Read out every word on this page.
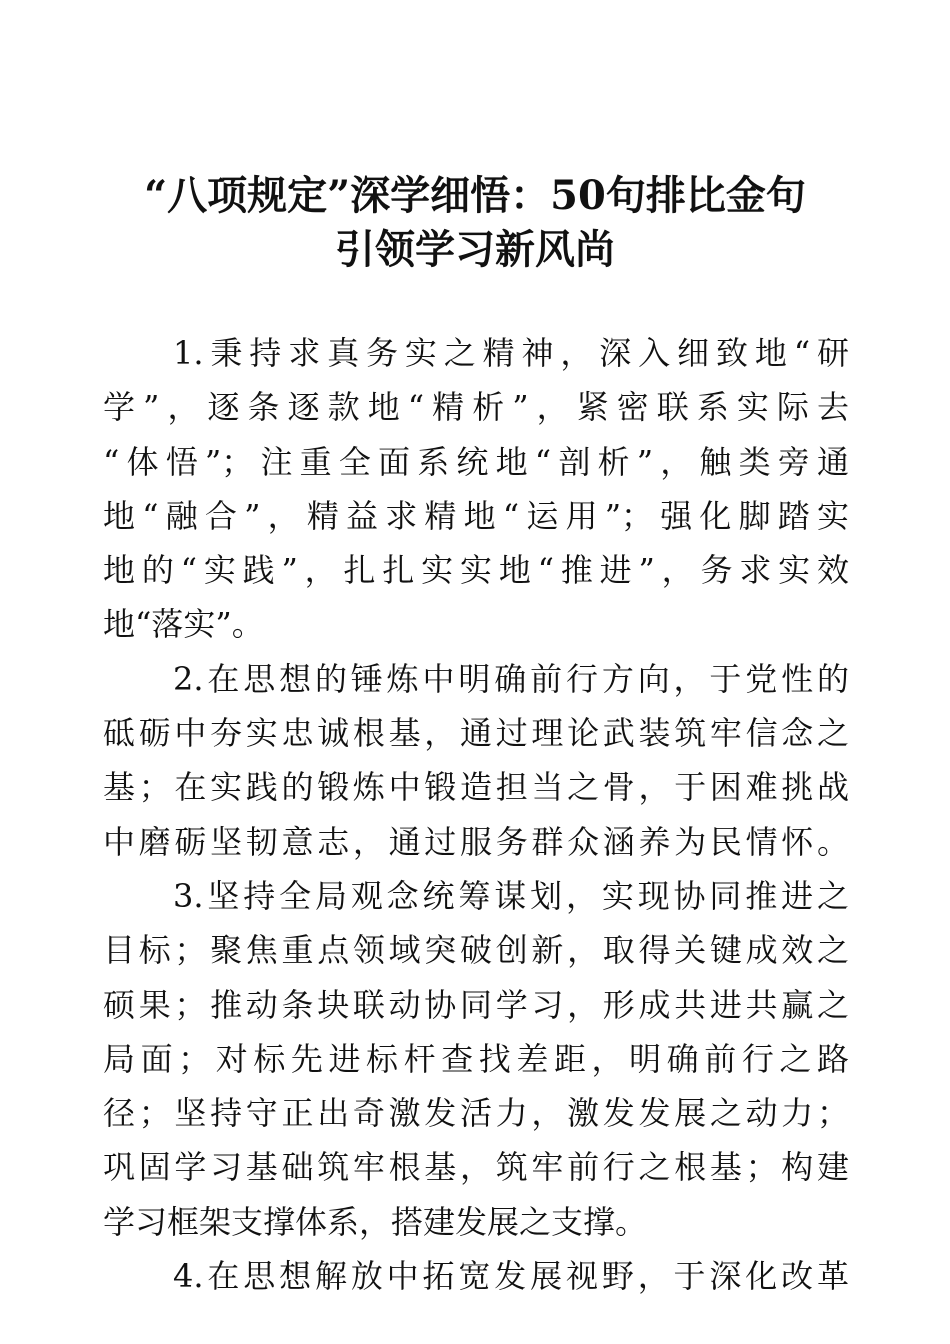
“八项规定”深学细悟：50句排比金句
引领学习新风尚
1.秉持求真务实之精神，深入细致地“研
学”，逐条逐款地“精析”，紧密联系实际去
“体悟”；注重全面系统地“剖析”，触类旁通
地“融合”，精益求精地“运用”；强化脚踏实
地的“实践”，扎扎实实地“推进”，务求实效
地“落实”。
2.在思想的锤炼中明确前行方向，于党性的
砥砺中夯实忠诚根基，通过理论武装筑牢信念之
基；在实践的锻炼中锻造担当之骨，于困难挑战
中磨砺坚韧意志，通过服务群众涵养为民情怀。
3.坚持全局观念统筹谋划，实现协同推进之
目标；聚焦重点领域突破创新，取得关键成效之
硕果；推动条块联动协同学习，形成共进共赢之
局面；对标先进标杆查找差距，明确前行之路
径；坚持守正出奇激发活力，激发发展之动力；
巩固学习基础筑牢根基，筑牢前行之根基；构建
学习框架支撑体系，搭建发展之支撑。
4.在思想解放中拓宽发展视野，于深化改革
